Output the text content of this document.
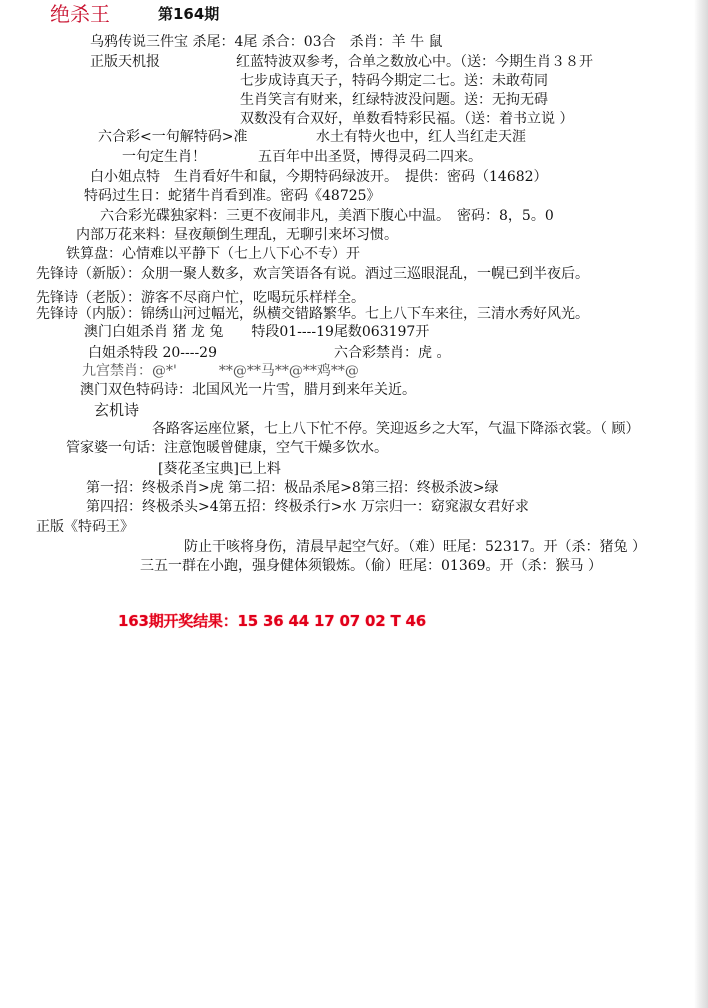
绝杀王	第164期
乌鸦传说三件宝 杀尾：4尾 杀合：03合　杀肖：羊 牛 鼠
正版天机报	红蓝特波双参考，合单之数放心中。（送：今期生肖３８开
七步成诗真天子，特码今期定二七。送：未敢苟同
生肖笑言有财来，红绿特波没问题。送：无拘无碍
双数没有合双好，单数看特彩民福。（送：着书立说 ）
六合彩<一句解特码>准	水土有特火也中，红人当红走天涯
一句定生肖！	五百年中出圣贤，博得灵码二四来。
白小姐点特　生肖看好牛和鼠，今期特码绿波开。　提供：密码（14682）
特码过生日：蛇猪牛肖看到准。密码《48725》
六合彩光碟独家料：三更不夜闹非凡，美酒下腹心中温。　密码：8，5。0
内部万花来料：昼夜颠倒生理乱，无聊引来坏习惯。
铁算盘：心情难以平静下（七上八下心不专）开
先锋诗（新版）：众朋一聚人数多，欢言笑语各有说。酒过三巡眼混乱，一幌已到半夜后。
先锋诗（老版）：游客不尽商户忙，吃喝玩乐样样全。
先锋诗（内版）：锦绣山河过幅光，纵横交错路繁华。七上八下车来往，三清水秀好风光。
澳门白姐杀肖 猪 龙 兔　　特段01----19尾数063197开
白姐杀特段 20----29	六合彩禁肖：虎 。
九宫禁肖：@*'　　　**@**马**@**鸡**@
澳门双色特码诗：北国风光一片雪，腊月到来年关近。
玄机诗
各路客运座位紧，七上八下忙不停。笑迎返乡之大军，气温下降添衣裳。（ 顾）
管家婆一句话：注意饱暖曾健康，空气干燥多饮水。
[葵花圣宝典]已上料
第一招：终极杀肖>虎 第二招：极品杀尾>8第三招：终极杀波>绿
第四招：终极杀头>4第五招：终极杀行>水 万宗归一：窈窕淑女君好求
正版《特码王》
防止干咳将身伤，清晨早起空气好。（难）旺尾：52317。开（杀：猪兔 ）
三五一群在小跑，强身健体须锻炼。（偷）旺尾：01369。开（杀：猴马 ）
163期开奖结果：15 36 44 17 07 02 T 46
